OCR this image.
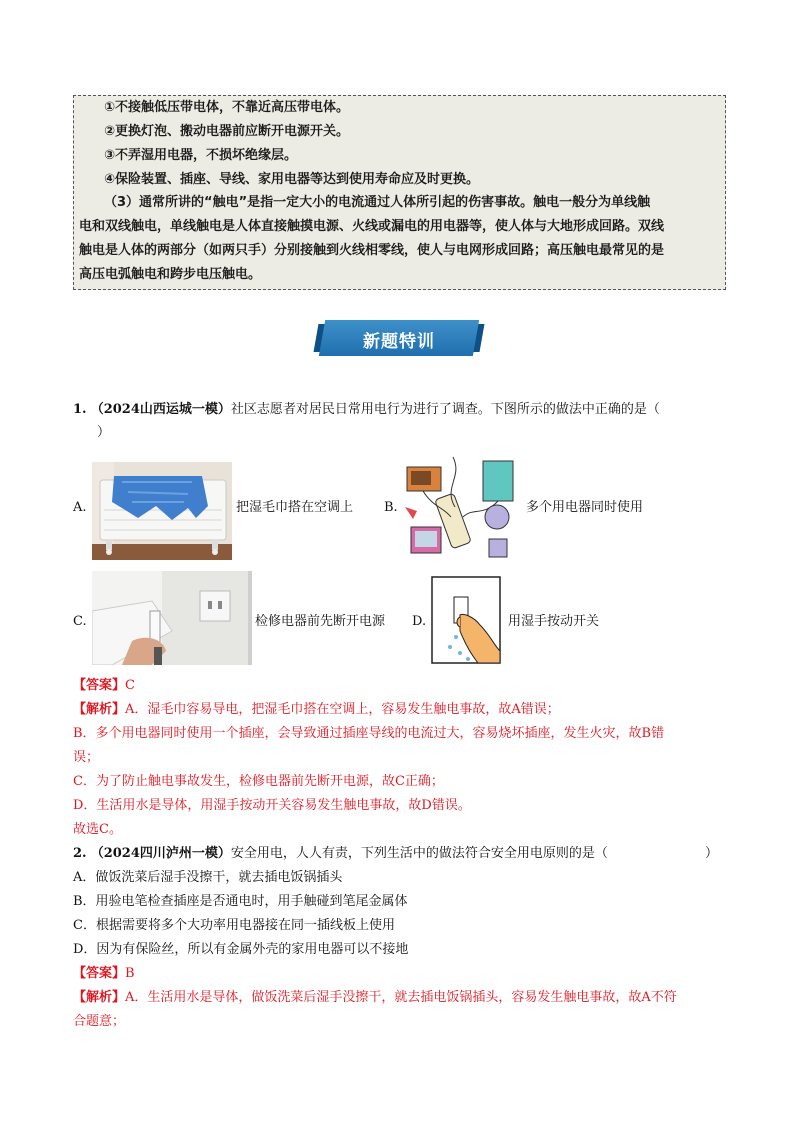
①不接触低压带电体，不靠近高压带电体。
②更换灯泡、搬动电器前应断开电源开关。
③不弄湿用电器，不损坏绝缘层。
④保险装置、插座、导线、家用电器等达到使用寿命应及时更换。
（3）通常所讲的“触电”是指一定大小的电流通过人体所引起的伤害事故。触电一般分为单线触
电和双线触电，单线触电是人体直接触摸电源、火线或漏电的用电器等，使人体与大地形成回路。双线
触电是人体的两部分（如两只手）分别接触到火线相零线，使人与电网形成回路；高压触电最常见的是
高压电弧触电和跨步电压触电。
新题特训
1. （2024山西运城一模）社区志愿者对居民日常用电行为进行了调查。下图所示的做法中正确的是（
）
A.	把湿毛巾搭在空调上 B.	多个用电器同时使用
C.	检修电器前先断开电源 D.	用湿手按动开关
【答案】C
【解析】A．湿毛巾容易导电，把湿毛巾搭在空调上，容易发生触电事故，故A错误；
B．多个用电器同时使用一个插座，会导致通过插座导线的电流过大，容易烧坏插座，发生火灾，故B错
误；
C．为了防止触电事故发生，检修电器前先断开电源，故C正确；
D．生活用水是导体，用湿手按动开关容易发生触电事故，故D错误。
故选C。
2. （2024四川泸州一模）安全用电，人人有责，下列生活中的做法符合安全用电原则的是（	）
A．做饭洗菜后湿手没擦干，就去插电饭锅插头
B．用验电笔检查插座是否通电时，用手触碰到笔尾金属体
C．根据需要将多个大功率用电器接在同一插线板上使用
D．因为有保险丝，所以有金属外壳的家用电器可以不接地
【答案】B
【解析】A．生活用水是导体，做饭洗菜后湿手没擦干，就去插电饭锅插头，容易发生触电事故，故A不符
合题意；
